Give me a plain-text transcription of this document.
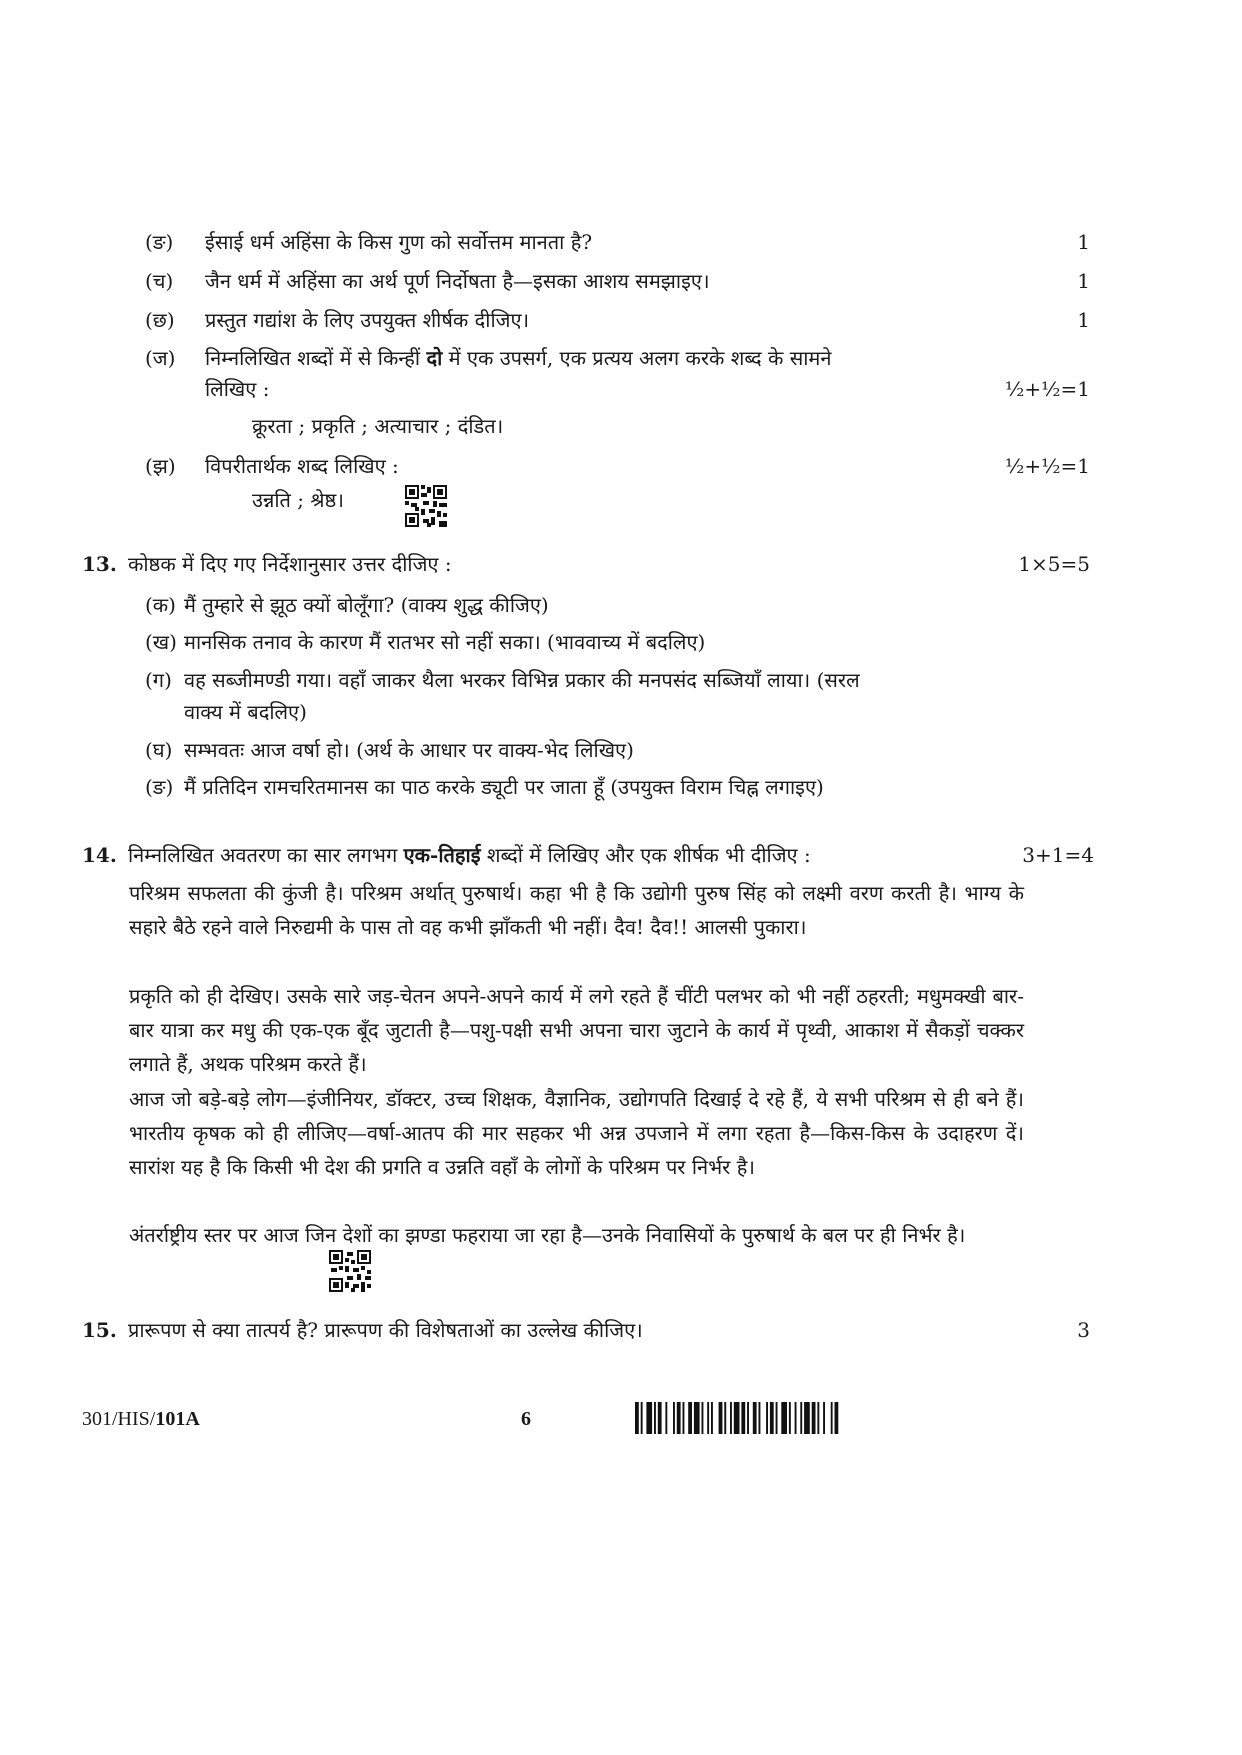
(ङ) ईसाई धर्म अहिंसा के किस गुण को सर्वोत्तम मानता है?	1
(च) जैन धर्म में अहिंसा का अर्थ पूर्ण निर्दोषता है—इसका आशय समझाइए।	1
(छ) प्रस्तुत गद्यांश के लिए उपयुक्त शीर्षक दीजिए।	1
(ज) निम्नलिखित शब्दों में से किन्हीं दो में एक उपसर्ग, एक प्रत्यय अलग करके शब्द के सामने
लिखिए :	½+½=1
क्रूरता ; प्रकृति ; अत्याचार ; दंडित।
(झ) विपरीतार्थक शब्द लिखिए :	½+½=1
उन्नति ; श्रेष्ठ।
13. कोष्ठक में दिए गए निर्देशानुसार उत्तर दीजिए :	1×5=5
(क) मैं तुम्हारे से झूठ क्यों बोलूँगा? (वाक्य शुद्ध कीजिए)
(ख) मानसिक तनाव के कारण मैं रातभर सो नहीं सका। (भाववाच्य में बदलिए)
(ग) वह सब्जीमण्डी गया। वहाँ जाकर थैला भरकर विभिन्न प्रकार की मनपसंद सब्जियाँ लाया। (सरल
वाक्य में बदलिए)
(घ) सम्भवतः आज वर्षा हो। (अर्थ के आधार पर वाक्य-भेद लिखिए)
(ङ) मैं प्रतिदिन रामचरितमानस का पाठ करके ड्यूटी पर जाता हूँ (उपयुक्त विराम चिह्न लगाइए)
14. निम्नलिखित अवतरण का सार लगभग एक-तिहाई शब्दों में लिखिए और एक शीर्षक भी दीजिए :	3+1=4
परिश्रम सफलता की कुंजी है। परिश्रम अर्थात् पुरुषार्थ। कहा भी है कि उद्योगी पुरुष सिंह को लक्ष्मी वरण करती है। भाग्य के सहारे बैठे रहने वाले निरुद्यमी के पास तो वह कभी झाँकती भी नहीं। दैव! दैव!! आलसी पुकारा।
प्रकृति को ही देखिए। उसके सारे जड़-चेतन अपने-अपने कार्य में लगे रहते हैं चींटी पलभर को भी नहीं ठहरती; मधुमक्खी बार-बार यात्रा कर मधु की एक-एक बूँद जुटाती है—पशु-पक्षी सभी अपना चारा जुटाने के कार्य में पृथ्वी, आकाश में सैकड़ों चक्कर लगाते हैं, अथक परिश्रम करते हैं।
आज जो बड़े-बड़े लोग—इंजीनियर, डॉक्टर, उच्च शिक्षक, वैज्ञानिक, उद्योगपति दिखाई दे रहे हैं, ये सभी परिश्रम से ही बने हैं। भारतीय कृषक को ही लीजिए—वर्षा-आतप की मार सहकर भी अन्न उपजाने में लगा रहता है—किस-किस के उदाहरण दें। सारांश यह है कि किसी भी देश की प्रगति व उन्नति वहाँ के लोगों के परिश्रम पर निर्भर है।
अंतर्राष्ट्रीय स्तर पर आज जिन देशों का झण्डा फहराया जा रहा है—उनके निवासियों के पुरुषार्थ के बल पर ही निर्भर है।
15. प्रारूपण से क्या तात्पर्य है? प्रारूपण की विशेषताओं का उल्लेख कीजिए।	3
301/HIS/101A	6
